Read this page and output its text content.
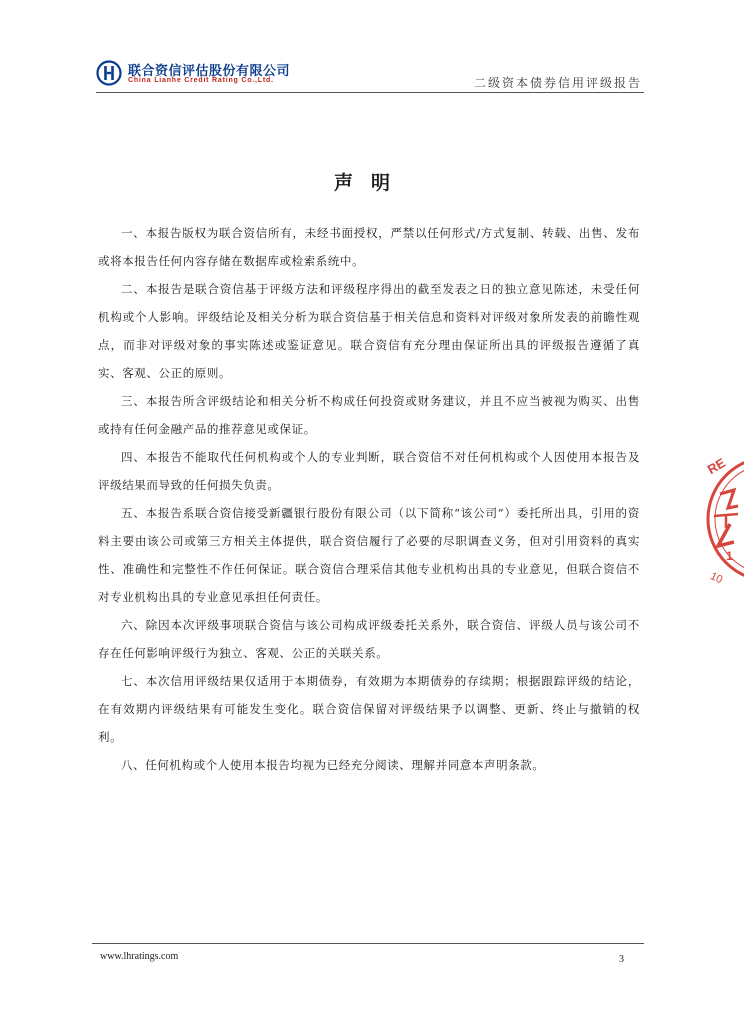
联合资信评估股份有限公司
China Lianhe Credit Rating Co.,Ltd.	二级资本债券信用评级报告
声明

一、本报告版权为联合资信所有，未经书面授权，严禁以任何形式/方式复制、转载、出售、发布或将本报告任何内容存储在数据库或检索系统中。

二、本报告是联合资信基于评级方法和评级程序得出的截至发表之日的独立意见陈述，未受任何机构或个人影响。评级结论及相关分析为联合资信基于相关信息和资料对评级对象所发表的前瞻性观点，而非对评级对象的事实陈述或鉴证意见。联合资信有充分理由保证所出具的评级报告遵循了真实、客观、公正的原则。

三、本报告所含评级结论和相关分析不构成任何投资或财务建议，并且不应当被视为购买、出售或持有任何金融产品的推荐意见或保证。

四、本报告不能取代任何机构或个人的专业判断，联合资信不对任何机构或个人因使用本报告及评级结果而导致的任何损失负责。

五、本报告系联合资信接受新疆银行股份有限公司（以下简称“该公司”）委托所出具，引用的资料主要由该公司或第三方相关主体提供，联合资信履行了必要的尽职调查义务，但对引用资料的真实性、准确性和完整性不作任何保证。联合资信合理采信其他专业机构出具的专业意见，但联合资信不对专业机构出具的专业意见承担任何责任。

六、除因本次评级事项联合资信与该公司构成评级委托关系外，联合资信、评级人员与该公司不存在任何影响评级行为独立、客观、公正的关联关系。

七、本次信用评级结果仅适用于本期债券，有效期为本期债券的存续期；根据跟踪评级的结论，在有效期内评级结果有可能发生变化。联合资信保留对评级结果予以调整、更新、终止与撤销的权利。

八、任何机构或个人使用本报告均视为已经充分阅读、理解并同意本声明条款。

RE
1
10
www.lhratings.com	3
